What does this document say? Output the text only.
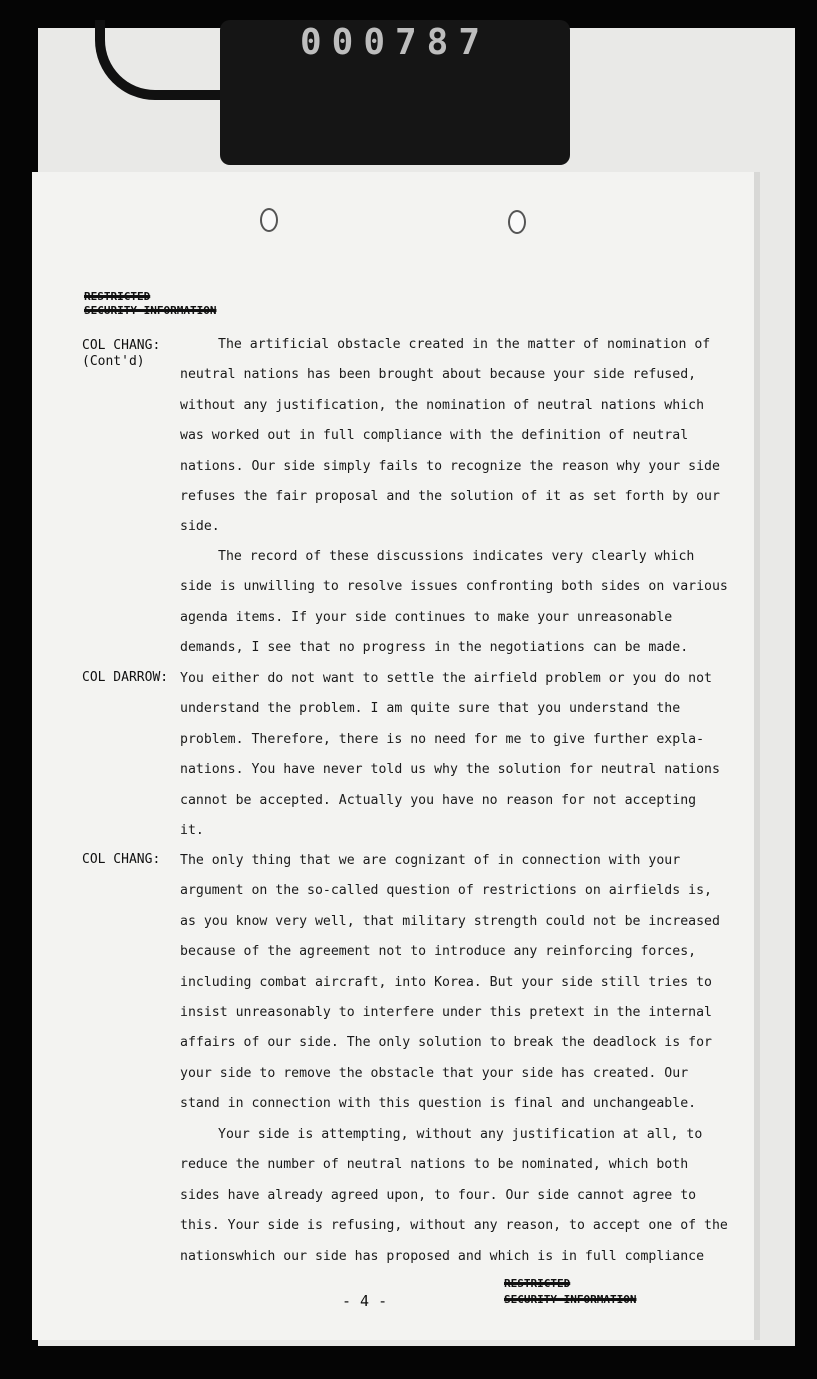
000787
RESTRICTED
SECURITY INFORMATION
COL CHANG:
(Cont'd)

The artificial obstacle created in the matter of nomination of
neutral nations has been brought about because your side refused,
without any justification, the nomination of neutral nations which
was worked out in full compliance with the definition of neutral
nations. Our side simply fails to recognize the reason why your side
refuses the fair proposal and the solution of it as set forth by our
side.

The record of these discussions indicates very clearly which
side is unwilling to resolve issues confronting both sides on various
agenda items. If your side continues to make your unreasonable
demands, I see that no progress in the negotiations can be made.

COL DARROW: You either do not want to settle the airfield problem or you do not
understand the problem. I am quite sure that you understand the
problem. Therefore, there is no need for me to give further expla-
nations. You have never told us why the solution for neutral nations
cannot be accepted. Actually you have no reason for not accepting
it.

COL CHANG: The only thing that we are cognizant of in connection with your
argument on the so-called question of restrictions on airfields is,
as you know very well, that military strength could not be increased
because of the agreement not to introduce any reinforcing forces,
including combat aircraft, into Korea. But your side still tries to
insist unreasonably to interfere under this pretext in the internal
affairs of our side. The only solution to break the deadlock is for
your side to remove the obstacle that your side has created. Our
stand in connection with this question is final and unchangeable.

Your side is attempting, without any justification at all, to
reduce the number of neutral nations to be nominated, which both
sides have already agreed upon, to four. Our side cannot agree to
this. Your side is refusing, without any reason, to accept one of the
nationswhich our side has proposed and which is in full compliance

- 4 -
RESTRICTED
SECURITY INFORMATION
